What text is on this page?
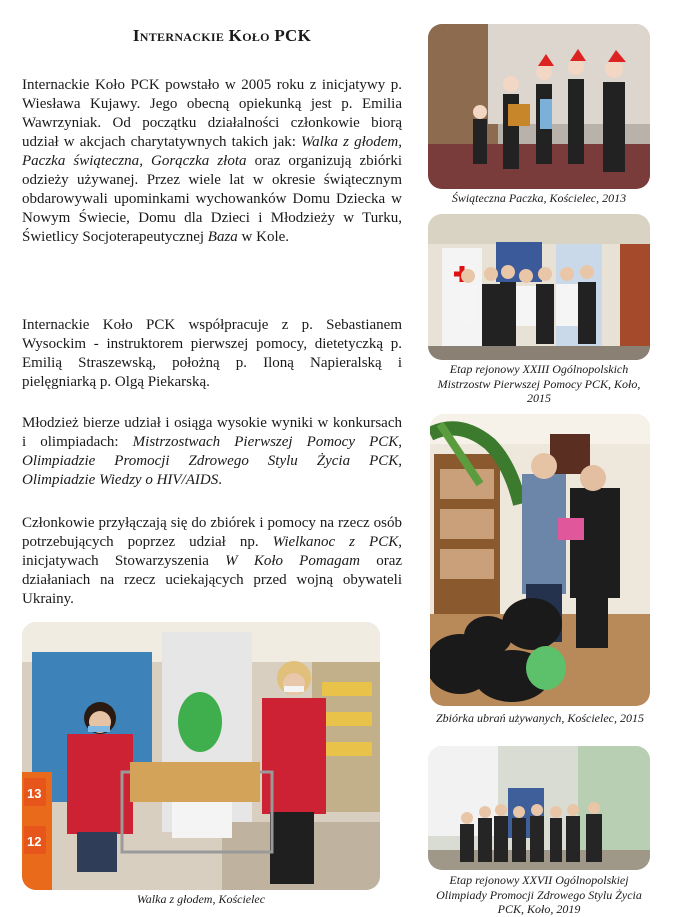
Internackie Koło PCK

Internackie Koło PCK powstało w 2005 roku z inicjatywy p. Wiesława Kujawy. Jego obecną opiekunką jest p. Emilia Wawrzyniak. Od początku działalności członkowie biorą udział w akcjach charytatywnych takich jak: Walka z głodem, Paczka świąteczna, Gorączka złota oraz organizują zbiórki odzieży używanej. Przez wiele lat w okresie świątecznym obdarowywali upominkami wychowanków Domu Dziecka w Nowym Świecie, Domu dla Dzieci i Młodzieży w Turku, Świetlicy Socjoterapeutycznej Baza w Kole.

Internackie Koło PCK współpracuje z p. Sebastianem Wysockim - instruktorem pierwszej pomocy, dietetyczką p. Emilią Straszewską, położną p. Iloną Napieralską i pielęgniarką p. Olgą Piekarską.

Młodzież bierze udział i osiąga wysokie wyniki w konkursach i olimpiadach: Mistrzostwach Pierwszej Pomocy PCK, Olimpiadzie Promocji Zdrowego Stylu Życia PCK, Olimpiadzie Wiedzy o HIV/AIDS.

Członkowie przyłączają się do zbiórek i pomocy na rzecz osób potrzebujących poprzez udział np. Wielkanoc z PCK, inicjatywach Stowarzyszenia W Koło Pomagam oraz działaniach na rzecz uciekających przed wojną obywateli Ukrainy.

Świąteczna Paczka, Kościelec, 2013

Etap rejonowy XXIII Ogólnopolskich Mistrzostw Pierwszej Pomocy PCK, Koło, 2015

Zbiórka ubrań używanych, Kościelec, 2015

Etap rejonowy XXVII Ogólnopolskiej Olimpiady Promocji Zdrowego Stylu Życia PCK, Koło, 2019

13
12

Walka z głodem, Kościelec
